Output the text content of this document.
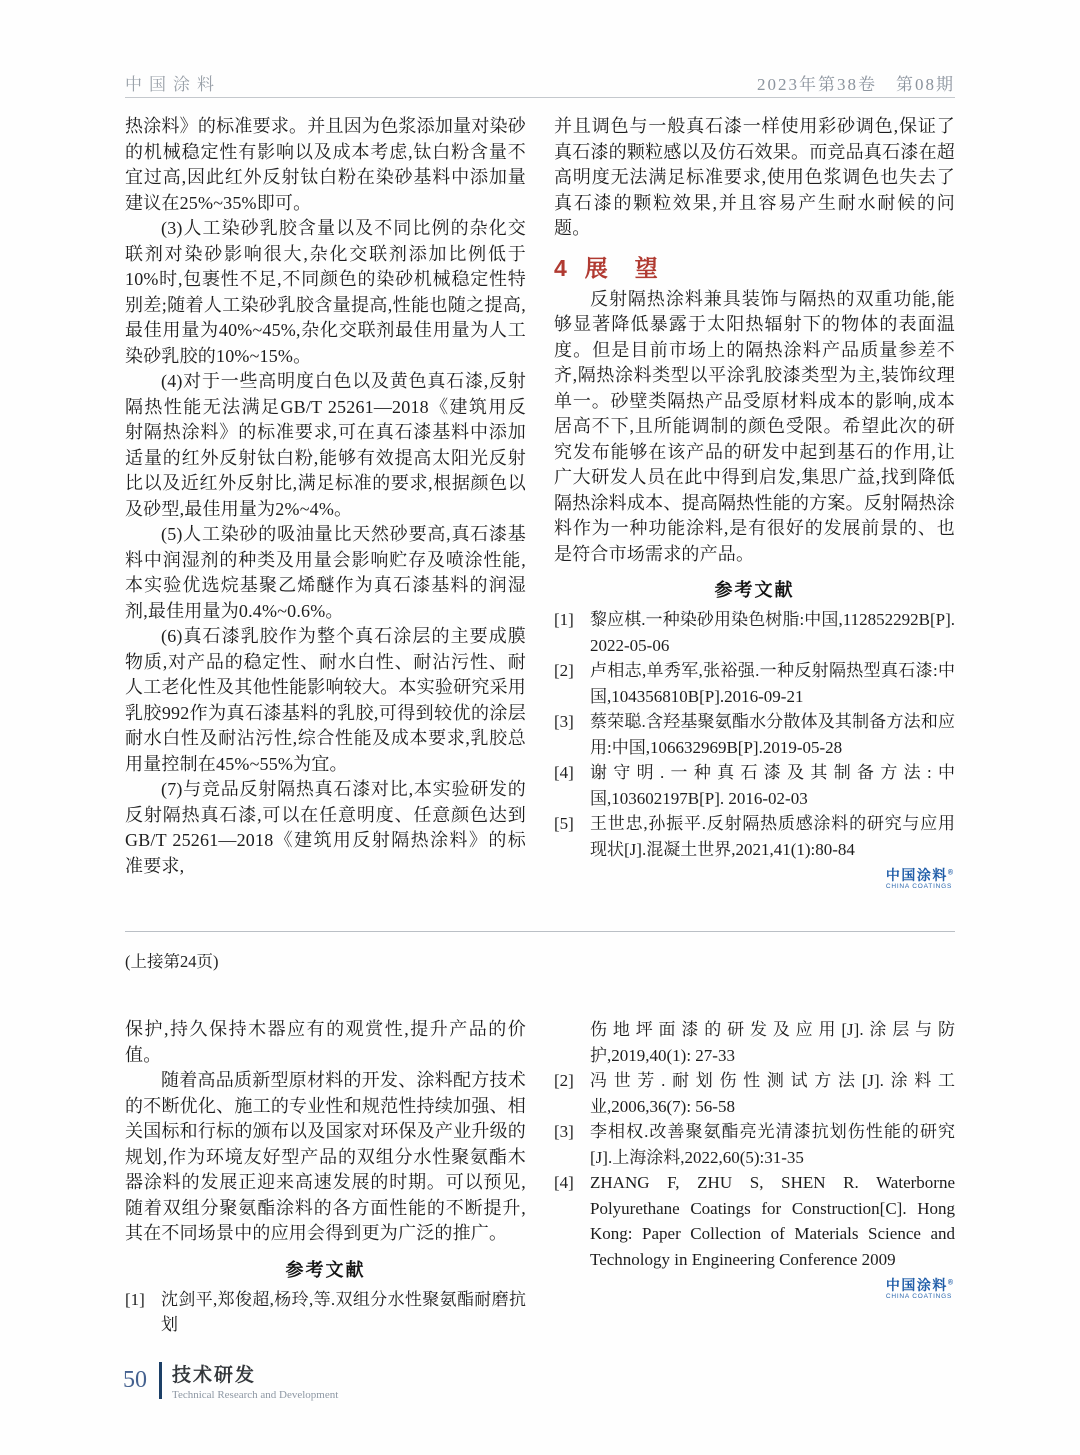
中国涂料	2023年第38卷　第08期

热涂料》的标准要求。并且因为色浆添加量对染砂的机械稳定性有影响以及成本考虑,钛白粉含量不宜过高,因此红外反射钛白粉在染砂基料中添加量建议在25%~35%即可。

(3)人工染砂乳胶含量以及不同比例的杂化交联剂对染砂影响很大,杂化交联剂添加比例低于10%时,包裹性不足,不同颜色的染砂机械稳定性特别差;随着人工染砂乳胶含量提高,性能也随之提高,最佳用量为40%~45%,杂化交联剂最佳用量为人工染砂乳胶的10%~15%。

(4)对于一些高明度白色以及黄色真石漆,反射隔热性能无法满足GB/T 25261—2018《建筑用反射隔热涂料》的标准要求,可在真石漆基料中添加适量的红外反射钛白粉,能够有效提高太阳光反射比以及近红外反射比,满足标准的要求,根据颜色以及砂型,最佳用量为2%~4%。

(5)人工染砂的吸油量比天然砂要高,真石漆基料中润湿剂的种类及用量会影响贮存及喷涂性能,本实验优选烷基聚乙烯醚作为真石漆基料的润湿剂,最佳用量为0.4%~0.6%。

(6)真石漆乳胶作为整个真石涂层的主要成膜物质,对产品的稳定性、耐水白性、耐沾污性、耐人工老化性及其他性能影响较大。本实验研究采用乳胶992作为真石漆基料的乳胶,可得到较优的涂层耐水白性及耐沾污性,综合性能及成本要求,乳胶总用量控制在45%~55%为宜。

(7)与竞品反射隔热真石漆对比,本实验研发的反射隔热真石漆,可以在任意明度、任意颜色达到GB/T 25261—2018《建筑用反射隔热涂料》的标准要求,

并且调色与一般真石漆一样使用彩砂调色,保证了真石漆的颗粒感以及仿石效果。而竞品真石漆在超高明度无法满足标准要求,使用色浆调色也失去了真石漆的颗粒效果,并且容易产生耐水耐候的问题。

4 展　望

反射隔热涂料兼具装饰与隔热的双重功能,能够显著降低暴露于太阳热辐射下的物体的表面温度。但是目前市场上的隔热涂料产品质量参差不齐,隔热涂料类型以平涂乳胶漆类型为主,装饰纹理单一。砂壁类隔热产品受原材料成本的影响,成本居高不下,且所能调制的颜色受限。希望此次的研究发布能够在该产品的研发中起到基石的作用,让广大研发人员在此中得到启发,集思广益,找到降低隔热涂料成本、提高隔热性能的方案。反射隔热涂料作为一种功能涂料,是有很好的发展前景的、也是符合市场需求的产品。

参考文献

[1] 黎应棋.一种染砂用染色树脂:中国,112852292B[P]. 2022-05-06

[2] 卢相志,单秀军,张裕强.一种反射隔热型真石漆:中国,104356810B[P].2016-09-21

[3] 蔡荣聪.含羟基聚氨酯水分散体及其制备方法和应用:中国,106632969B[P].2019-05-28

[4] 谢守明.一种真石漆及其制备方法:中国,103602197B[P]. 2016-02-03

[5] 王世忠,孙振平.反射隔热质感涂料的研究与应用现状[J].混凝土世界,2021,41(1):80-84

中国涂料®
CHINA COATINGS

(上接第24页)

保护,持久保持木器应有的观赏性,提升产品的价值。

随着高品质新型原材料的开发、涂料配方技术的不断优化、施工的专业性和规范性持续加强、相关国标和行标的颁布以及国家对环保及产业升级的规划,作为环境友好型产品的双组分水性聚氨酯木器涂料的发展正迎来高速发展的时期。可以预见,随着双组分聚氨酯涂料的各方面性能的不断提升,其在不同场景中的应用会得到更为广泛的推广。

参考文献

[1] 沈剑平,郑俊超,杨玲,等.双组分水性聚氨酯耐磨抗划

伤地坪面漆的研发及应用[J].涂层与防护,2019,40(1): 27-33

[2] 冯世芳.耐划伤性测试方法[J].涂料工业,2006,36(7): 56-58

[3] 李相权.改善聚氨酯亮光清漆抗划伤性能的研究[J].上海涂料,2022,60(5):31-35

[4] ZHANG F, ZHU S, SHEN R. Waterborne Polyurethane Coatings for Construction[C]. Hong Kong: Paper Collection of Materials Science and Technology in Engineering Conference 2009

中国涂料®
CHINA COATINGS
50 技术研发
Technical Research and Development
